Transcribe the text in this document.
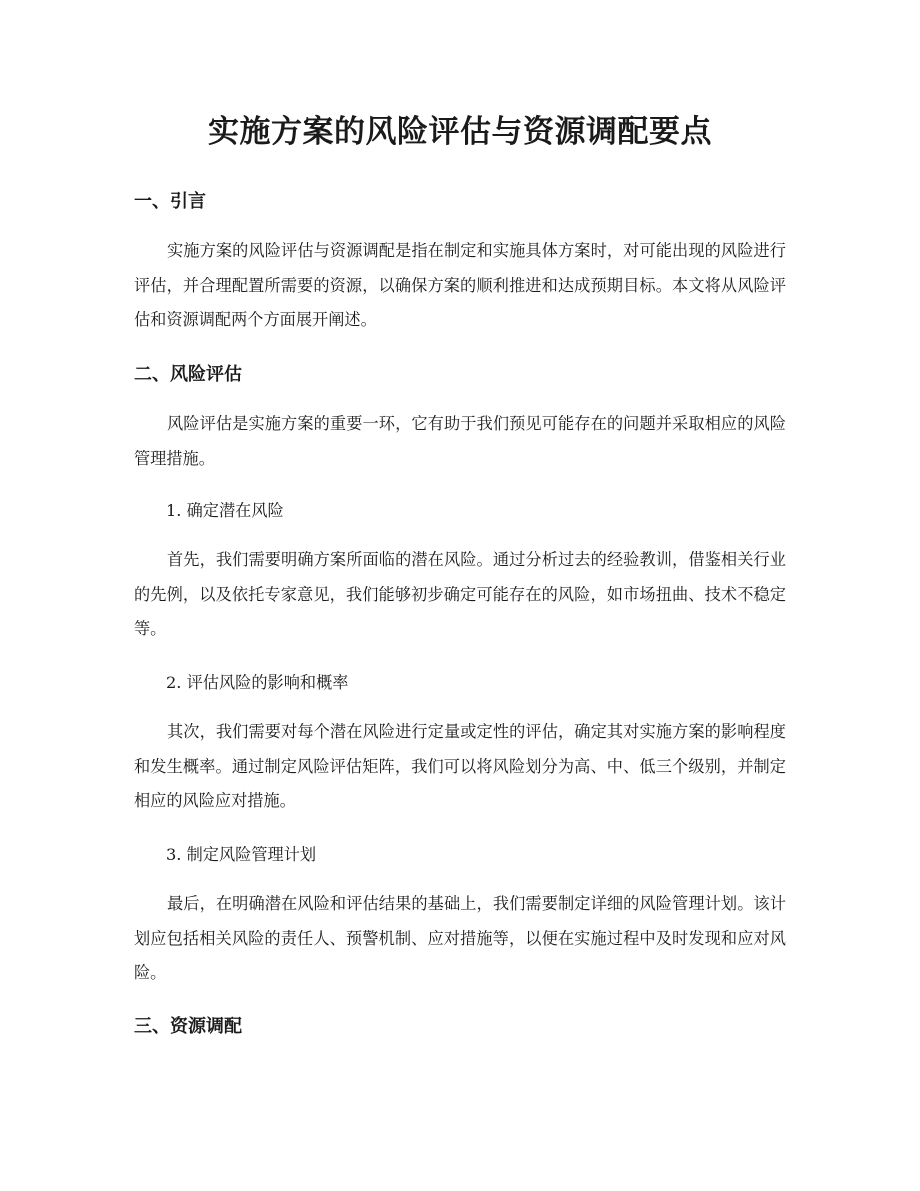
实施方案的风险评估与资源调配要点
一、引言

实施方案的风险评估与资源调配是指在制定和实施具体方案时，对可能出现的风险进行评估，并合理配置所需要的资源，以确保方案的顺利推进和达成预期目标。本文将从风险评估和资源调配两个方面展开阐述。

二、风险评估

风险评估是实施方案的重要一环，它有助于我们预见可能存在的问题并采取相应的风险管理措施。

1. 确定潜在风险

首先，我们需要明确方案所面临的潜在风险。通过分析过去的经验教训，借鉴相关行业的先例，以及依托专家意见，我们能够初步确定可能存在的风险，如市场扭曲、技术不稳定等。

2. 评估风险的影响和概率

其次，我们需要对每个潜在风险进行定量或定性的评估，确定其对实施方案的影响程度和发生概率。通过制定风险评估矩阵，我们可以将风险划分为高、中、低三个级别，并制定相应的风险应对措施。

3. 制定风险管理计划

最后，在明确潜在风险和评估结果的基础上，我们需要制定详细的风险管理计划。该计划应包括相关风险的责任人、预警机制、应对措施等，以便在实施过程中及时发现和应对风险。

三、资源调配
